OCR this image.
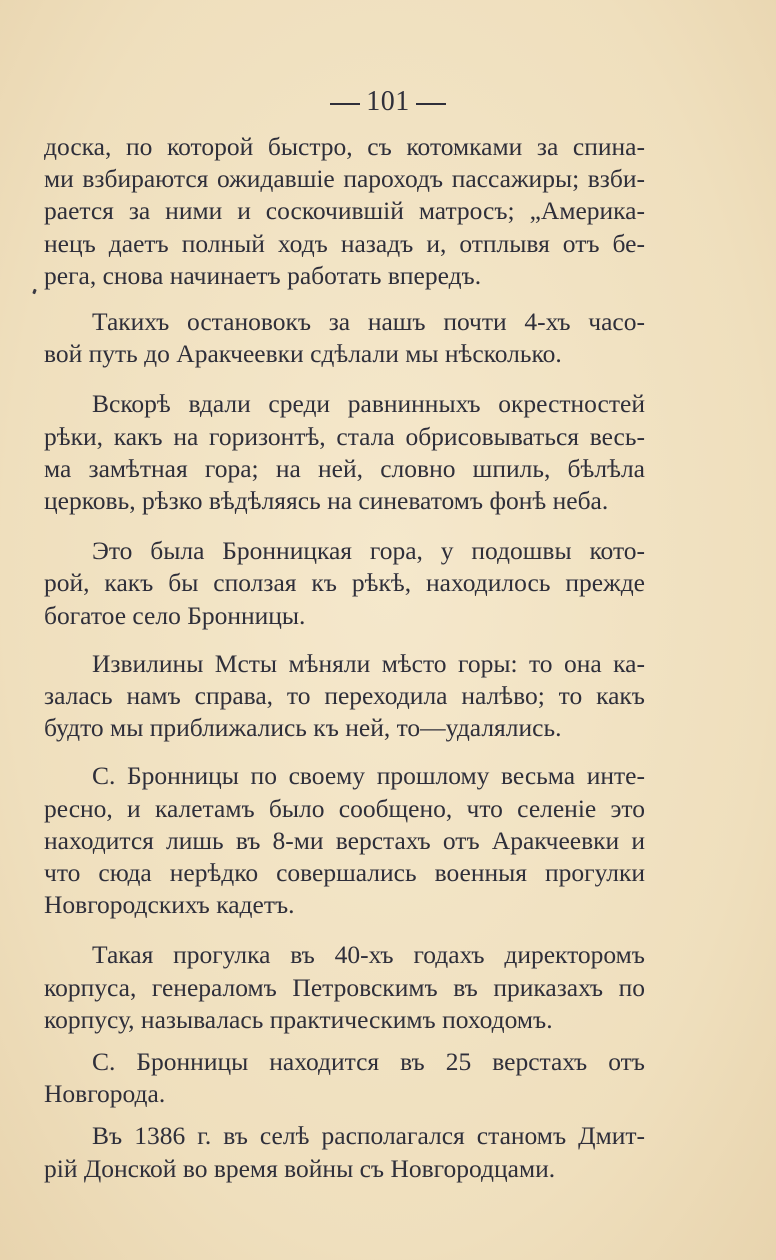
101

доска, по которой быстро, съ котомками за спина-
ми взбираются ожидавшіе пароходъ пассажиры; взби-
рается за ними и соскочившій матросъ; „Америка-
нецъ даетъ полный ходъ назадъ и, отплывя отъ бе-
рега, снова начинаетъ работать впередъ.

Такихъ остановокъ за нашъ почти 4-хъ часо-
вой путь до Аракчеевки сдѣлали мы нѣсколько.

Вскорѣ вдали среди равнинныхъ окрестностей
рѣки, какъ на горизонтѣ, стала обрисовываться весь-
ма замѣтная гора; на ней, словно шпиль, бѣлѣла
церковь, рѣзко вѣдѣляясь на синеватомъ фонѣ неба.

Это была Бронницкая гора, у подошвы кото-
рой, какъ бы сползая къ рѣкѣ, находилось прежде
богатое село Бронницы.

Извилины Мсты мѣняли мѣсто горы: то она ка-
залась намъ справа, то переходила налѣво; то какъ
будто мы приближались къ ней, то—удалялись.

С. Бронницы по своему прошлому весьма инте-
ресно, и калетамъ было сообщено, что селеніе это
находится лишь въ 8-ми верстахъ отъ Аракчеевки и
что сюда нерѣдко совершались военныя прогулки
Новгородскихъ кадетъ.

Такая прогулка въ 40-хъ годахъ директоромъ
корпуса, генераломъ Петровскимъ въ приказахъ по
корпусу, называлась практическимъ походомъ.

С. Бронницы находится въ 25 верстахъ отъ
Новгорода.

Въ 1386 г. въ селѣ располагался станомъ Дмит-
рій Донской во время войны съ Новгородцами.
